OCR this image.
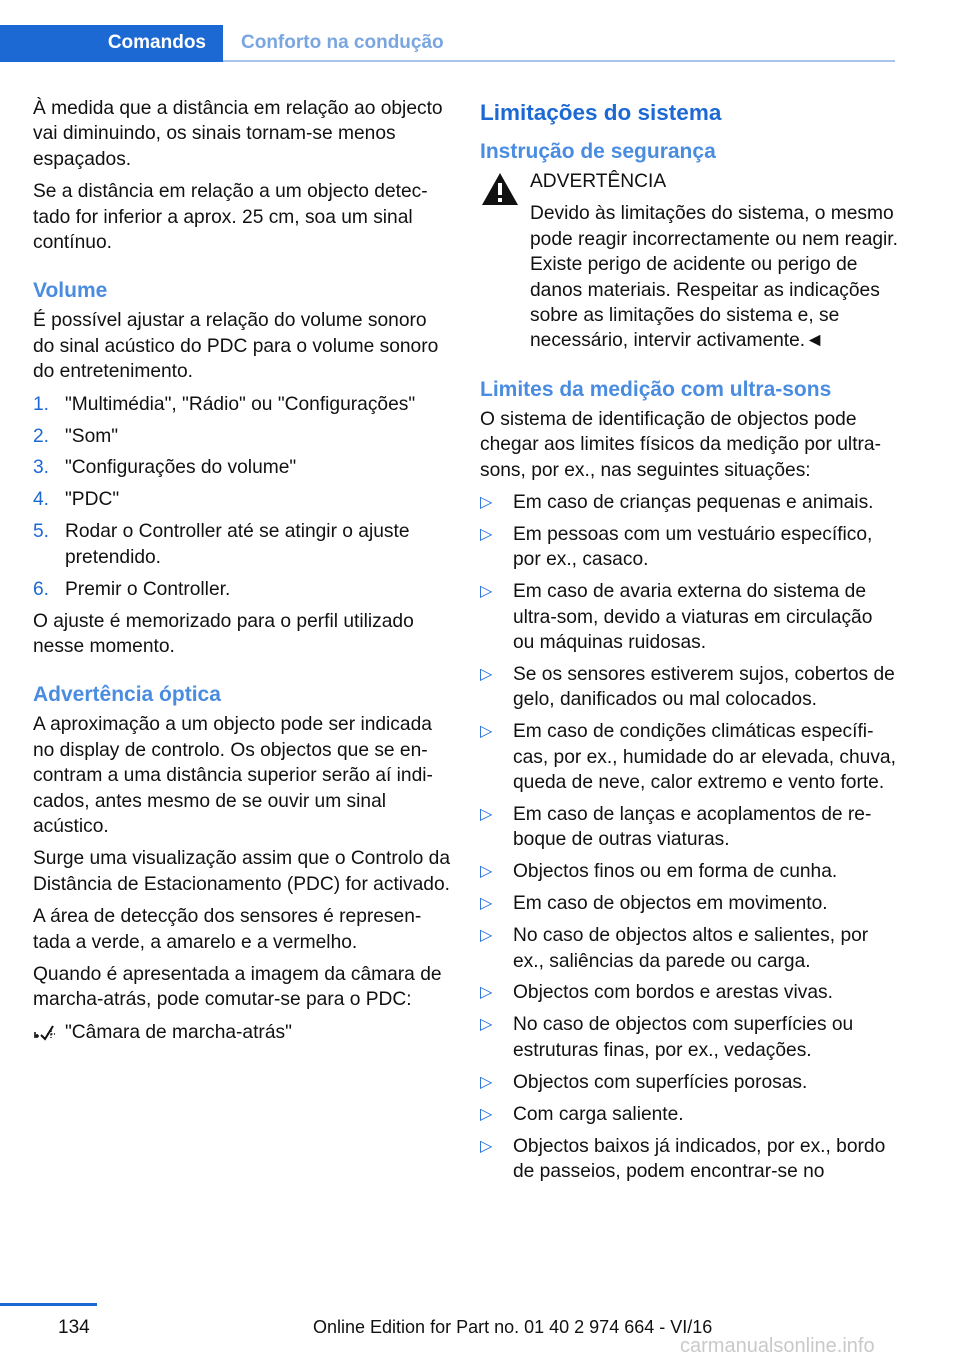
Comandos	Conforto na condução

À medida que a distância em relação ao objecto vai diminuindo, os sinais tornam-se menos espaçados.

Se a distância em relação a um objecto detectado for inferior a aprox. 25 cm, soa um sinal contínuo.

Volume

É possível ajustar a relação do volume sonoro do sinal acústico do PDC para o volume sonoro do entretenimento.

1. "Multimédia", "Rádio" ou "Configurações"
2. "Som"
3. "Configurações do volume"
4. "PDC"
5. Rodar o Controller até se atingir o ajuste pretendido.
6. Premir o Controller.

O ajuste é memorizado para o perfil utilizado nesse momento.

Advertência óptica

A aproximação a um objecto pode ser indicada no display de controlo. Os objectos que se encontram a uma distância superior serão aí indicados, antes mesmo de se ouvir um sinal acústico.

Surge uma visualização assim que o Controlo da Distância de Estacionamento (PDC) for activado.

A área de detecção dos sensores é representada a verde, a amarelo e a vermelho.

Quando é apresentada a imagem da câmara de marcha-atrás, pode comutar-se para o PDC:

"Câmara de marcha-atrás"
Limitações do sistema
Instrução de segurança
ADVERTÊNCIA
Devido às limitações do sistema, o mesmo pode reagir incorrectamente ou nem reagir. Existe perigo de acidente ou perigo de danos materiais. Respeitar as indicações sobre as limitações do sistema e, se necessário, intervir activamente.◄
Limites da medição com ultra-sons

O sistema de identificação de objectos pode chegar aos limites físicos da medição por ultra-sons, por ex., nas seguintes situações:

▷ Em caso de crianças pequenas e animais.
▷ Em pessoas com um vestuário específico, por ex., casaco.
▷ Em caso de avaria externa do sistema de ultra-som, devido a viaturas em circulação ou máquinas ruidosas.
▷ Se os sensores estiverem sujos, cobertos de gelo, danificados ou mal colocados.
▷ Em caso de condições climáticas específicas, por ex., humidade do ar elevada, chuva, queda de neve, calor extremo e vento forte.
▷ Em caso de lanças e acoplamentos de reboque de outras viaturas.
▷ Objectos finos ou em forma de cunha.
▷ Em caso de objectos em movimento.
▷ No caso de objectos altos e salientes, por ex., saliências da parede ou carga.
▷ Objectos com bordos e arestas vivas.
▷ No caso de objectos com superfícies ou estruturas finas, por ex., vedações.
▷ Objectos com superfícies porosas.
▷ Com carga saliente.
▷ Objectos baixos já indicados, por ex., bordo de passeios, podem encontrar-se no
134	Online Edition for Part no. 01 40 2 974 664 - VI/16
carmanualsonline.info
